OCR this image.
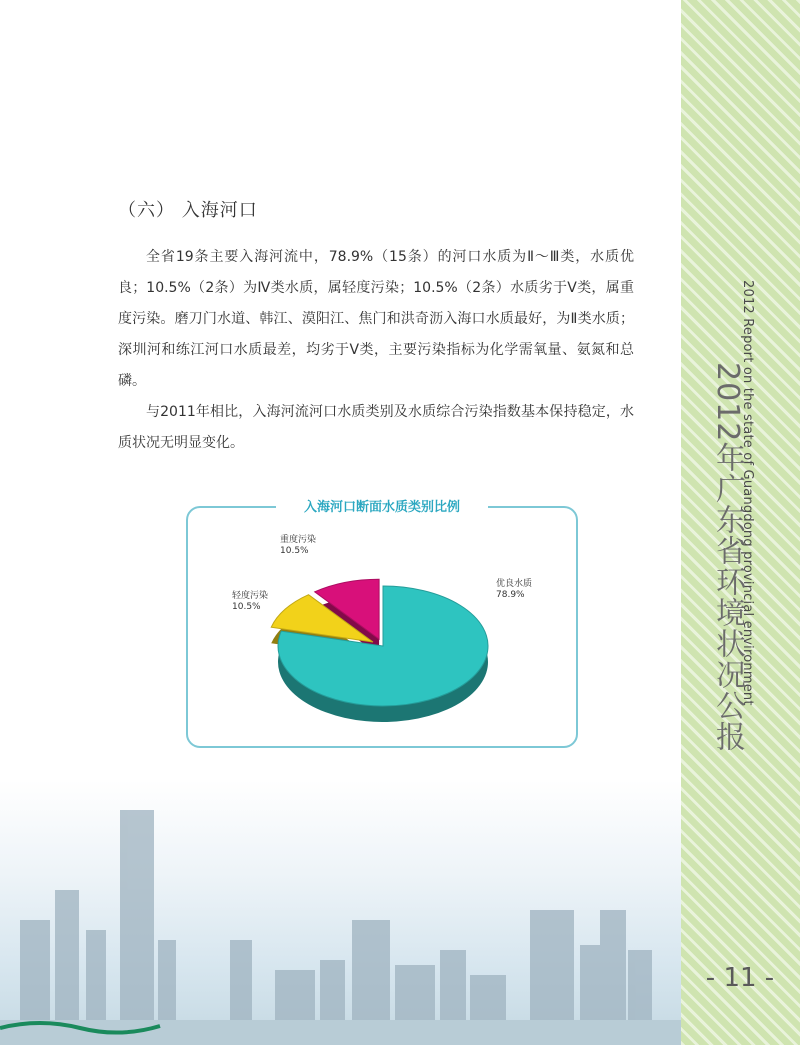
2012 Report on the state of Guangdong provincial environment
2012年广东省环境状况公报
- 11 -
（六） 入海河口

全省19条主要入海河流中，78.9%（15条）的河口水质为Ⅱ～Ⅲ类，水质优良；10.5%（2条）为Ⅳ类水质，属轻度污染；10.5%（2条）水质劣于Ⅴ类，属重度污染。磨刀门水道、韩江、漠阳江、焦门和洪奇沥入海口水质最好，为Ⅱ类水质；深圳河和练江河口水质最差，均劣于Ⅴ类，主要污染指标为化学需氧量、氨氮和总磷。

与2011年相比，入海河流河口水质类别及水质综合污染指数基本保持稳定，水质状况无明显变化。

入海河口断面水质类别比例
优良水质
78.9%
轻度污染
10.5%
重度污染
10.5%
